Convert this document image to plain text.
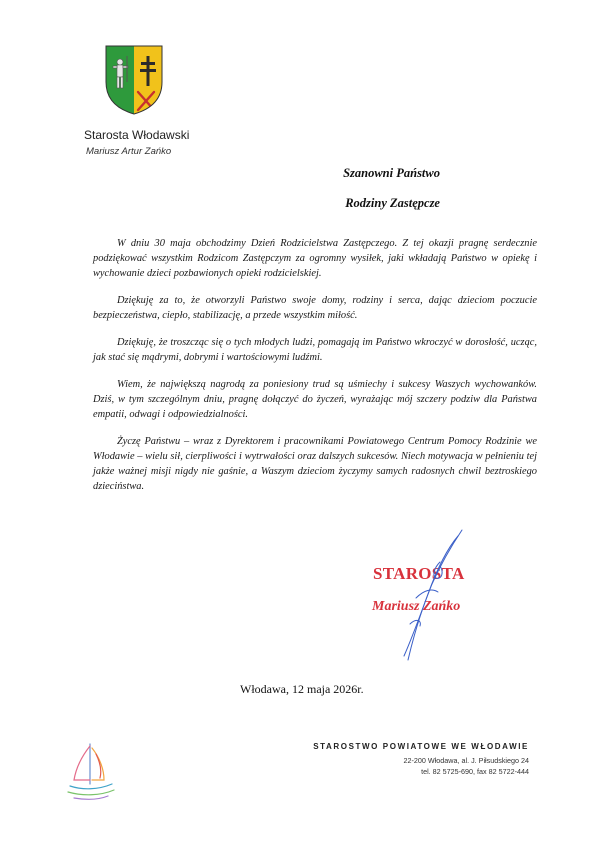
Starosta Włodawski
Mariusz Artur Zańko
Szanowni Państwo
Rodziny Zastępcze

W dniu 30 maja obchodzimy Dzień Rodzicielstwa Zastępczego. Z tej okazji pragnę serdecznie podziękować wszystkim Rodzicom Zastępczym za ogromny wysiłek, jaki wkładają Państwo w opiekę i wychowanie dzieci pozbawionych opieki rodzicielskiej.

Dziękuję za to, że otworzyli Państwo swoje domy, rodziny i serca, dając dzieciom poczucie bezpieczeństwa, ciepło, stabilizację, a przede wszystkim miłość.

Dziękuję, że troszcząc się o tych młodych ludzi, pomagają im Państwo wkroczyć w dorosłość, ucząc, jak stać się mądrymi, dobrymi i wartościowymi ludźmi.

Wiem, że największą nagrodą za poniesiony trud są uśmiechy i sukcesy Waszych wychowanków. Dziś, w tym szczególnym dniu, pragnę dołączyć do życzeń, wyrażając mój szczery podziw dla Państwa empatii, odwagi i odpowiedzialności.

Życzę Państwu – wraz z Dyrektorem i pracownikami Powiatowego Centrum Pomocy Rodzinie we Włodawie – wielu sił, cierpliwości i wytrwałości oraz dalszych sukcesów. Niech motywacja w pełnieniu tej jakże ważnej misji nigdy nie gaśnie, a Waszym dzieciom życzymy samych radosnych chwil beztroskiego dzieciństwa.

STAROSTA
Mariusz Zańko
Włodawa, 12 maja 2026r.
STAROSTWO POWIATOWE WE WŁODAWIE
22-200 Włodawa, al. J. Piłsudskiego 24
tel. 82 5725-690, fax 82 5722-444
